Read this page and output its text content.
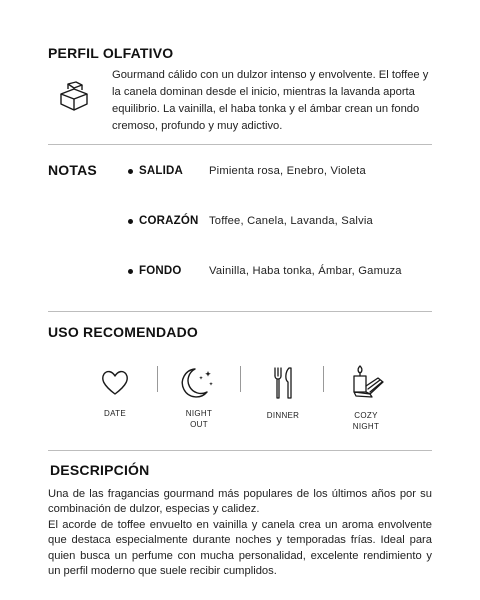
PERFIL OLFATIVO
Gourmand cálido con un dulzor intenso y envolvente. El toffee y la canela dominan desde el inicio, mientras la lavanda aporta equilibrio. La vainilla, el haba tonka y el ámbar crean un fondo cremoso, profundo y muy adictivo.
NOTAS	SALIDA	Pimienta rosa, Enebro, Violeta
CORAZÓN Toffee, Canela, Lavanda, Salvia
FONDO	Vainilla, Haba tonka, Ámbar, Gamuza
USO RECOMENDADO
DATE	NIGHT
OUT
DINNER	COZY
NIGHT
DESCRIPCIÓN

Una de las fragancias gourmand más populares de los últimos años por su combinación de dulzor, especias y calidez.

El acorde de toffee envuelto en vainilla y canela crea un aroma envolvente que destaca especialmente durante noches y temporadas frías. Ideal para quien busca un perfume con mucha personalidad, excelente rendimiento y un perfil moderno que suele recibir cumplidos.
